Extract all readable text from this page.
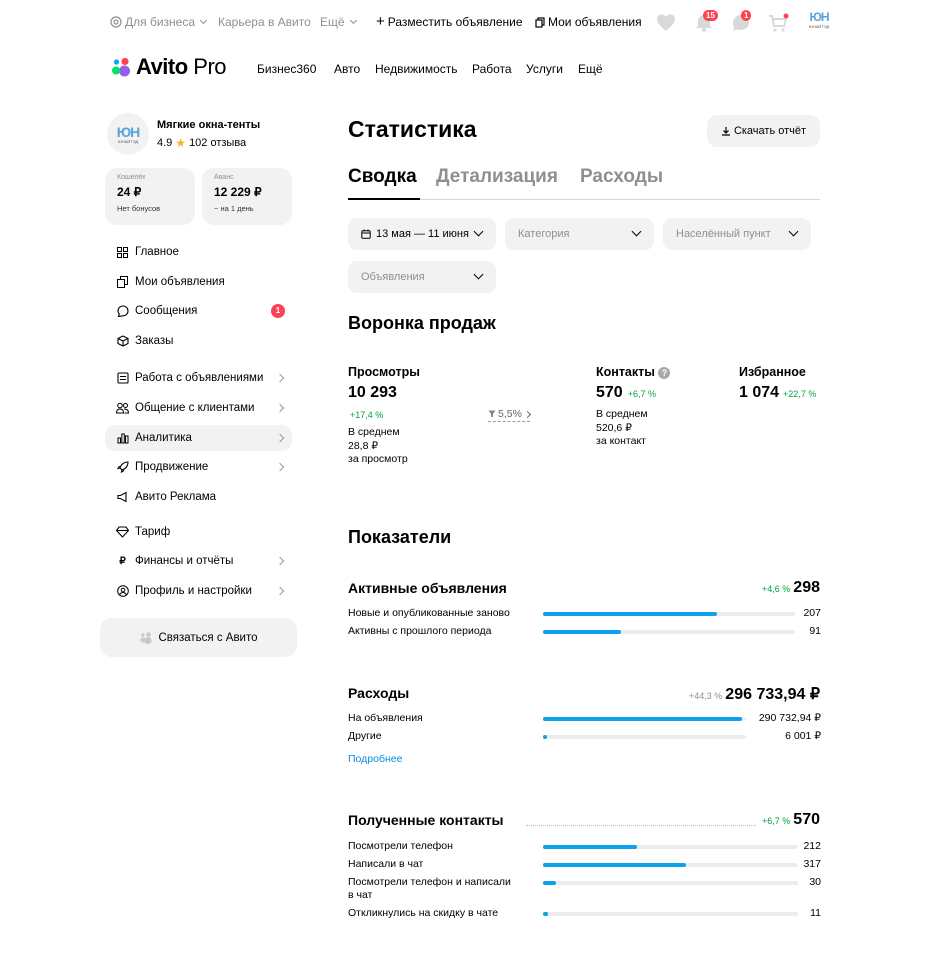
Для бизнеса Карьера в Авито Ещё + Разместить объявление Мои объявления	15	1	ЮН
ЮНАЙТЭД
Avito Pro	Бизнес360 Авто Недвижимость Работа Услуги Ещё
ЮН
ЮНАЙТЭД
Мягкие окна-тенты
4.9 ★ 102 отзыва
Кошелёк
24 ₽
Нет бонусов
Аванс
12 229 ₽
~ на 1 день
Главное
Мои объявления
Сообщения	1
Заказы
Работа с объявлениями
Общение с клиентами
Аналитика
Продвижение
Авито Реклама
Тариф
₽ Финансы и отчёты
Профиль и настройки
Связаться с Авито
Статистика	Скачать отчёт
Сводка Детализация Расходы
13 мая — 11 июня	Категория	Населённый пункт
Объявления
Воронка продаж
Просмотры
10 293
+17,4 %
В среднем
28,8 ₽
за просмотр
5,5%
Контакты ?
570 +6,7 %
В среднем
520,6 ₽
за контакт
Избранное
1 074 +22,7 %
Показатели
Активные объявления	+4,6 % 298
Новые и опубликованные заново	207
Активны с прошлого периода	91
Расходы	+44,3 % 296 733,94 ₽
На объявления	290 732,94 ₽
Другие	6 001 ₽
Подробнее
Полученные контакты	+6,7 % 570
Посмотрели телефон	212
Написали в чат	317
Посмотрели телефон и написали
в чат
30
Откликнулись на скидку в чате	11
